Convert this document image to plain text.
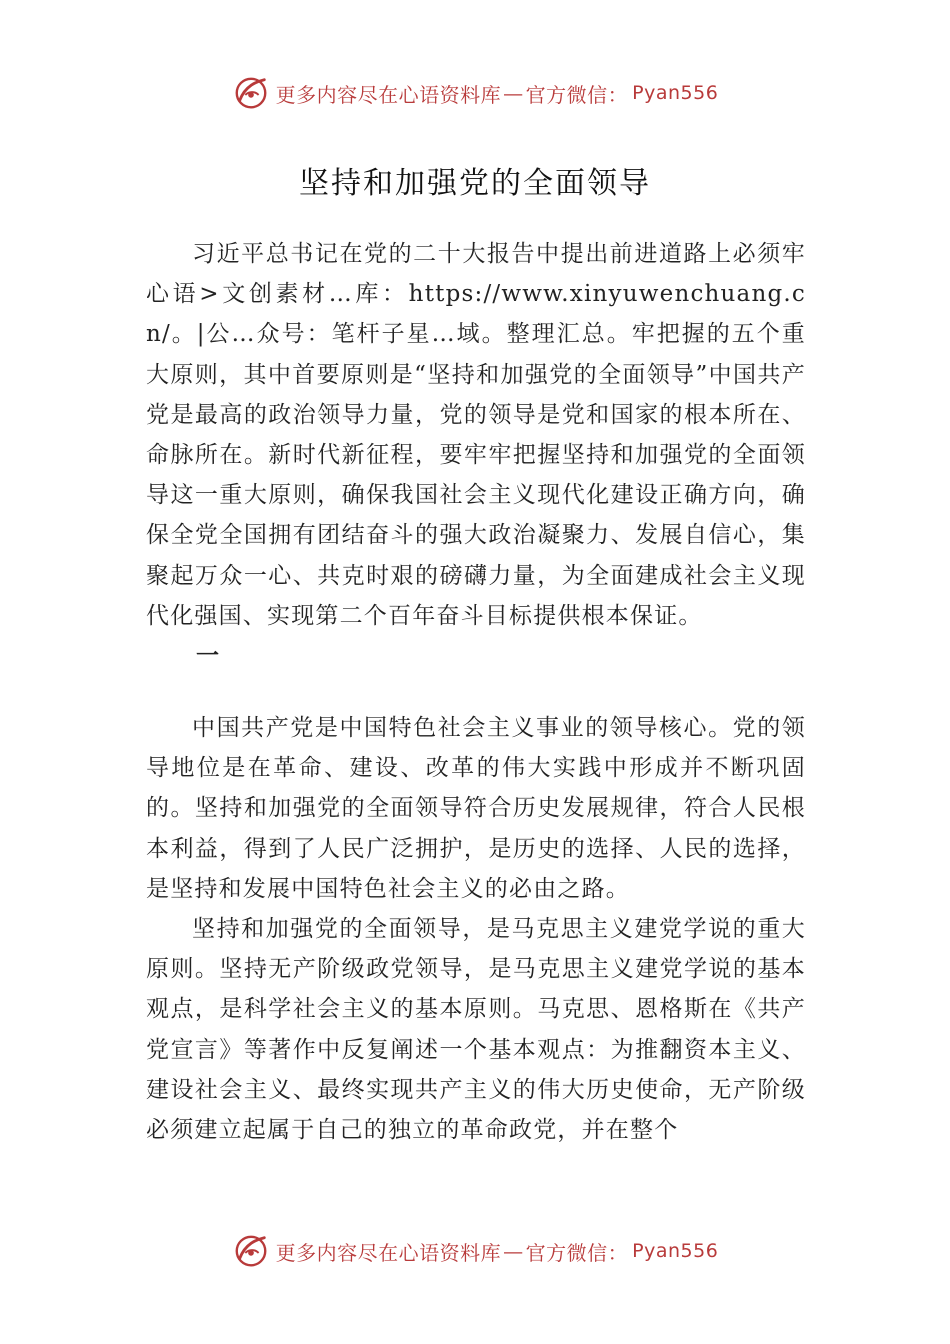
更多内容尽在心语资料库 — 官方微信： Pyan556
坚持和加强党的全面领导

习近平总书记在党的二十大报告中提出前进道路上必须牢心语>文创素材…库：https://www.xinyuwenchuang.cn/。|公…众号：笔杆子星…域。整理汇总。牢把握的五个重大原则，其中首要原则是“坚持和加强党的全面领导”中国共产党是最高的政治领导力量，党的领导是党和国家的根本所在、命脉所在。新时代新征程，要牢牢把握坚持和加强党的全面领导这一重大原则，确保我国社会主义现代化建设正确方向，确保全党全国拥有团结奋斗的强大政治凝聚力、发展自信心，集聚起万众一心、共克时艰的磅礴力量，为全面建成社会主义现代化强国、实现第二个百年奋斗目标提供根本保证。

一

中国共产党是中国特色社会主义事业的领导核心。党的领导地位是在革命、建设、改革的伟大实践中形成并不断巩固的。坚持和加强党的全面领导符合历史发展规律，符合人民根本利益，得到了人民广泛拥护，是历史的选择、人民的选择，是坚持和发展中国特色社会主义的必由之路。

坚持和加强党的全面领导，是马克思主义建党学说的重大原则。坚持无产阶级政党领导，是马克思主义建党学说的基本观点，是科学社会主义的基本原则。马克思、恩格斯在《共产党宣言》等著作中反复阐述一个基本观点：为推翻资本主义、建设社会主义、最终实现共产主义的伟大历史使命，无产阶级必须建立起属于自己的独立的革命政党，并在整个

更多内容尽在心语资料库 — 官方微信： Pyan556
